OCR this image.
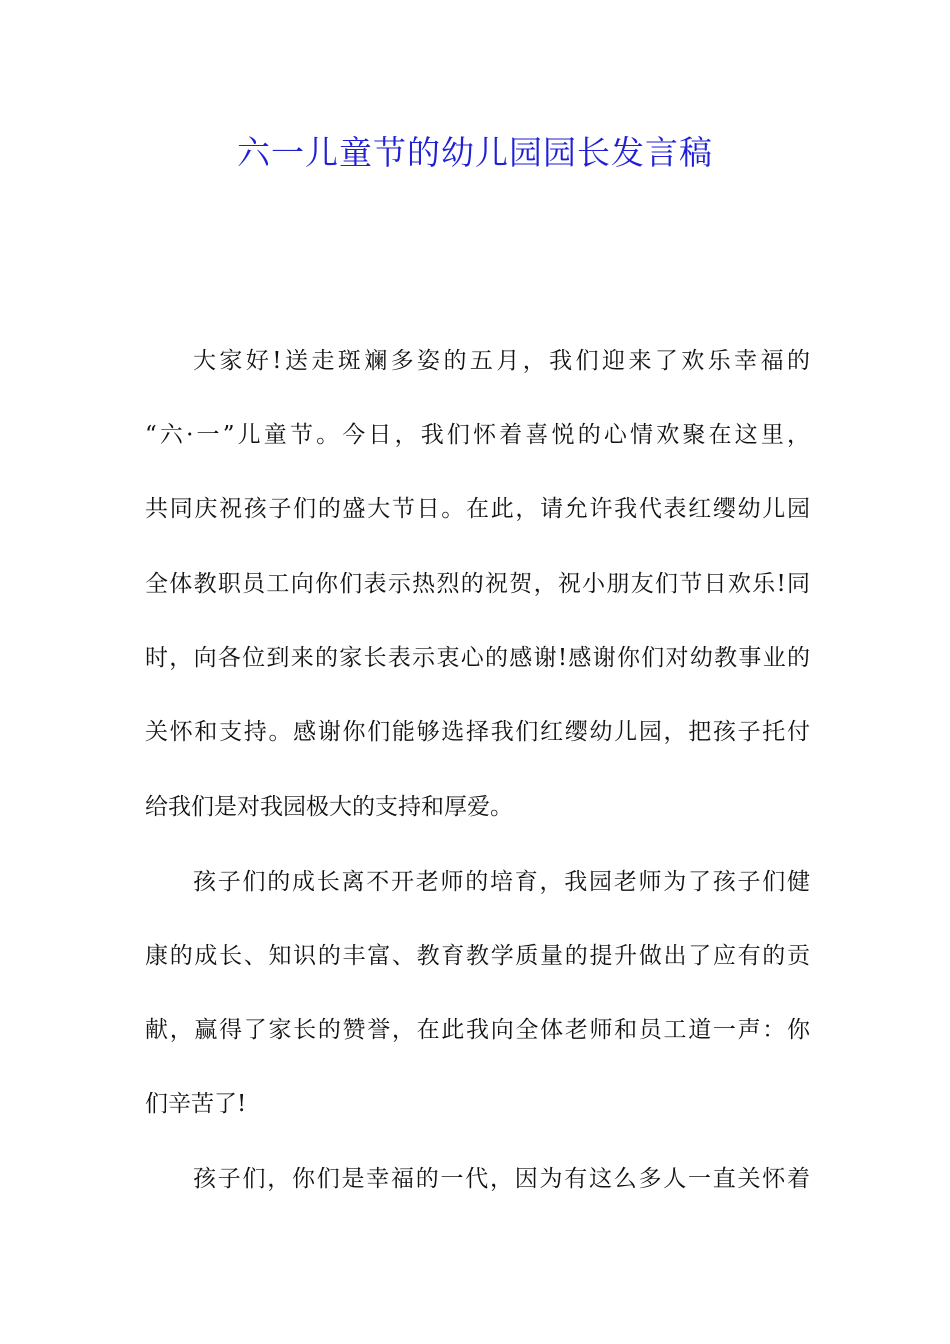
六一儿童节的幼儿园园长发言稿
大家好!送走斑斓多姿的五月，我们迎来了欢乐幸福的
“六·一”儿童节。今日，我们怀着喜悦的心情欢聚在这里，
共同庆祝孩子们的盛大节日。在此，请允许我代表红缨幼儿园
全体教职员工向你们表示热烈的祝贺，祝小朋友们节日欢乐!同
时，向各位到来的家长表示衷心的感谢!感谢你们对幼教事业的
关怀和支持。感谢你们能够选择我们红缨幼儿园，把孩子托付
给我们是对我园极大的支持和厚爱。
孩子们的成长离不开老师的培育，我园老师为了孩子们健
康的成长、知识的丰富、教育教学质量的提升做出了应有的贡
献，赢得了家长的赞誉，在此我向全体老师和员工道一声：你
们辛苦了!
孩子们，你们是幸福的一代，因为有这么多人一直关怀着
